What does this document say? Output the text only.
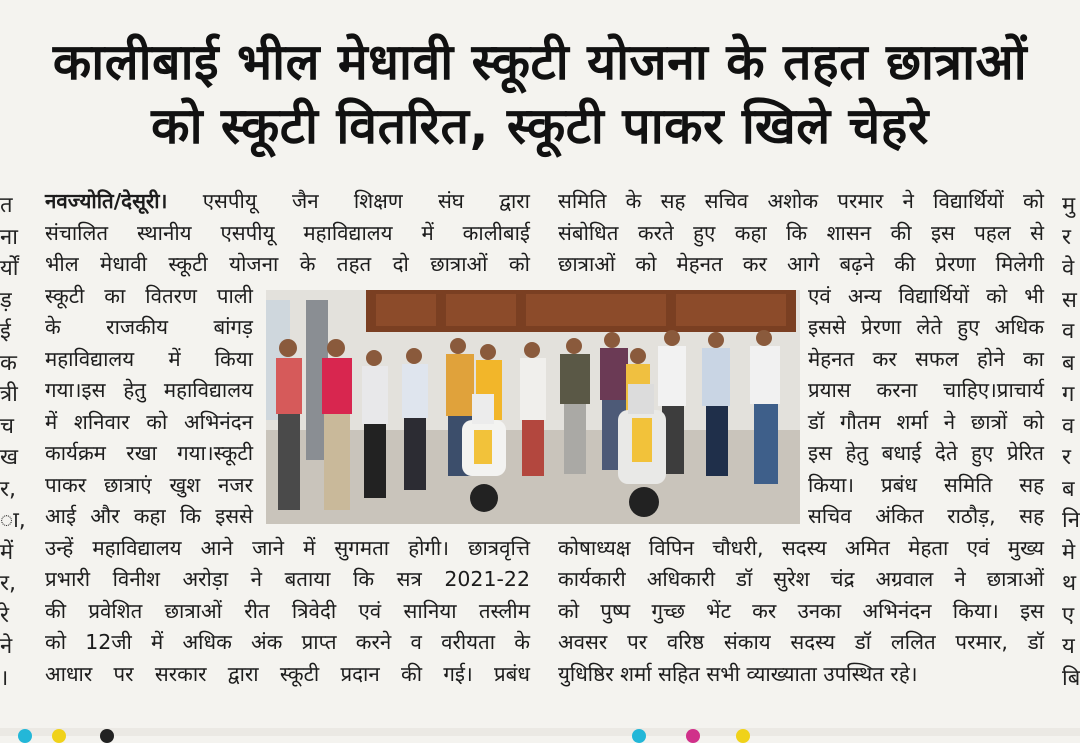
कालीबाई भील मेधावी स्कूटी योजना के तहत छात्राओं
को स्कूटी वितरित, स्कूटी पाकर खिले चेहरे
त
ना
र्यों
ड़
ई
क
त्री
च
ख
र,
ा,
में
र,
रे
ने
।
मु
र
वे
स
व
ब
ग
व
र
ब
नि
मे
थ
ए
य
बि
नवज्योति/देसूरी। एसपीयू जैन शिक्षण संघ द्वारा
संचालित स्थानीय एसपीयू महाविद्यालय में कालीबाई
भील मेधावी स्कूटी योजना के तहत दो छात्राओं को
स्कूटी का वितरण पाली
के राजकीय बांगड़
महाविद्यालय में किया
गया।इस हेतु महाविद्यालय
में शनिवार को अभिनंदन
कार्यक्रम रखा गया।स्कूटी
पाकर छात्राएं खुश नजर
आई और कहा कि इससे
उन्हें महाविद्यालय आने जाने में सुगमता होगी। छात्रवृत्ति
प्रभारी विनीश अरोड़ा ने बताया कि सत्र 2021-22
की प्रवेशित छात्राओं रीत त्रिवेदी एवं सानिया तस्लीम
को 12जी में अधिक अंक प्राप्त करने व वरीयता के
आधार पर सरकार द्वारा स्कूटी प्रदान की गई। प्रबंध
समिति के सह सचिव अशोक परमार ने विद्यार्थियों को
संबोधित करते हुए कहा कि शासन की इस पहल से
छात्राओं को मेहनत कर आगे बढ़ने की प्रेरणा मिलेगी
एवं अन्य विद्यार्थियों को भी
इससे प्रेरणा लेते हुए अधिक
मेहनत कर सफल होने का
प्रयास करना चाहिए।प्राचार्य
डॉ गौतम शर्मा ने छात्रों को
इस हेतु बधाई देते हुए प्रेरित
किया। प्रबंध समिति सह
सचिव अंकित राठौड़, सह
कोषाध्यक्ष विपिन चौधरी, सदस्य अमित मेहता एवं मुख्य
कार्यकारी अधिकारी डॉ सुरेश चंद्र अग्रवाल ने छात्राओं
को पुष्प गुच्छ भेंट कर उनका अभिनंदन किया। इस
अवसर पर वरिष्ठ संकाय सदस्य डॉ ललित परमार, डॉ
युधिष्ठिर शर्मा सहित सभी व्याख्याता उपस्थित रहे।
